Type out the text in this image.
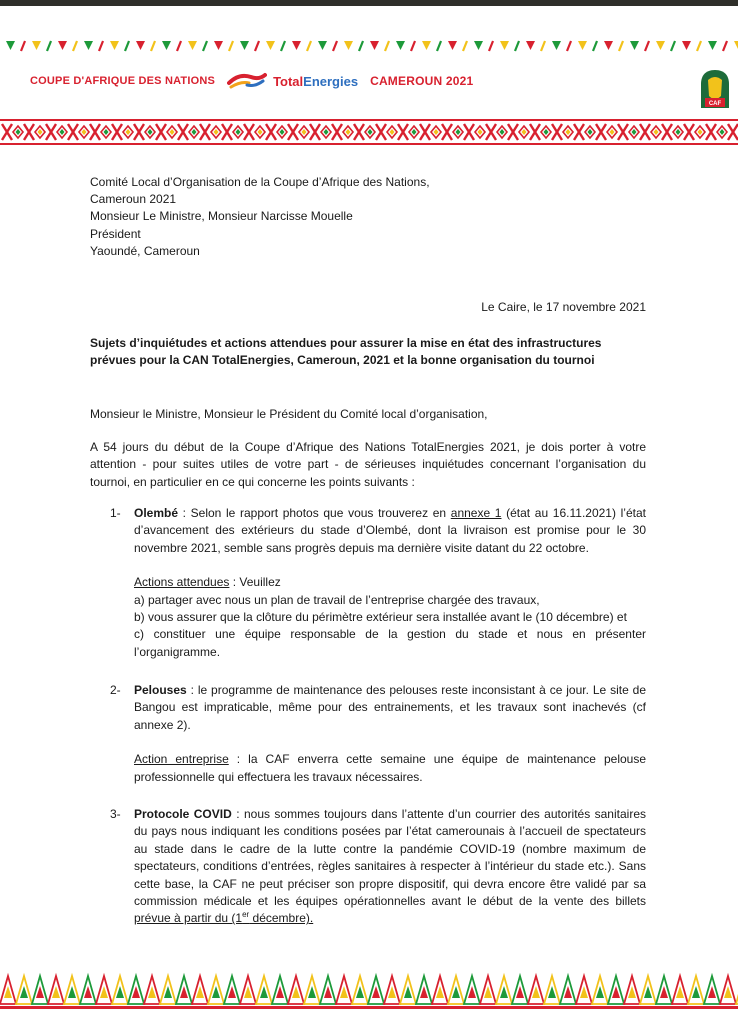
COUPE D'AFRIQUE DES NATIONS	TotalEnergies CAMEROUN 2021
CAF
Comité Local d’Organisation de la Coupe d’Afrique des Nations,
Cameroun 2021
Monsieur Le Ministre, Monsieur Narcisse Mouelle
Président
Yaoundé, Cameroun
Le Caire, le 17 novembre 2021
Sujets d’inquiétudes et actions attendues pour assurer la mise en état des infrastructures prévues pour la CAN TotalEnergies, Cameroun, 2021 et la bonne organisation du tournoi
Monsieur le Ministre, Monsieur le Président du Comité local d’organisation,
A 54 jours du début de la Coupe d’Afrique des Nations TotalEnergies 2021, je dois porter à votre attention - pour suites utiles de votre part - de sérieuses inquiétudes concernant l’organisation du tournoi, en particulier en ce qui concerne les points suivants :
1- Olembé : Selon le rapport photos que vous trouverez en annexe 1 (état au 16.11.2021) l’état d’avancement des extérieurs du stade d’Olembé, dont la livraison est promise pour le 30 novembre 2021, semble sans progrès depuis ma dernière visite datant du 22 octobre.
Actions attendues : Veuillez
a) partager avec nous un plan de travail de l’entreprise chargée des travaux,
b) vous assurer que la clôture du périmètre extérieur sera installée avant le (10 décembre) et
c) constituer une équipe responsable de la gestion du stade et nous en présenter l’organigramme.
2- Pelouses : le programme de maintenance des pelouses reste inconsistant à ce jour. Le site de Bangou est impraticable, même pour des entrainements, et les travaux sont inachevés (cf annexe 2).
Action entreprise : la CAF enverra cette semaine une équipe de maintenance pelouse professionnelle qui effectuera les travaux nécessaires.
3- Protocole COVID : nous sommes toujours dans l’attente d’un courrier des autorités sanitaires du pays nous indiquant les conditions posées par l’état camerounais à l’accueil de spectateurs au stade dans le cadre de la lutte contre la pandémie COVID-19 (nombre maximum de spectateurs, conditions d’entrées, règles sanitaires à respecter à l’intérieur du stade etc.). Sans cette base, la CAF ne peut préciser son propre dispositif, qui devra encore être validé par sa commission médicale et les équipes opérationnelles avant le début de la vente des billets prévue à partir du (1er décembre).
